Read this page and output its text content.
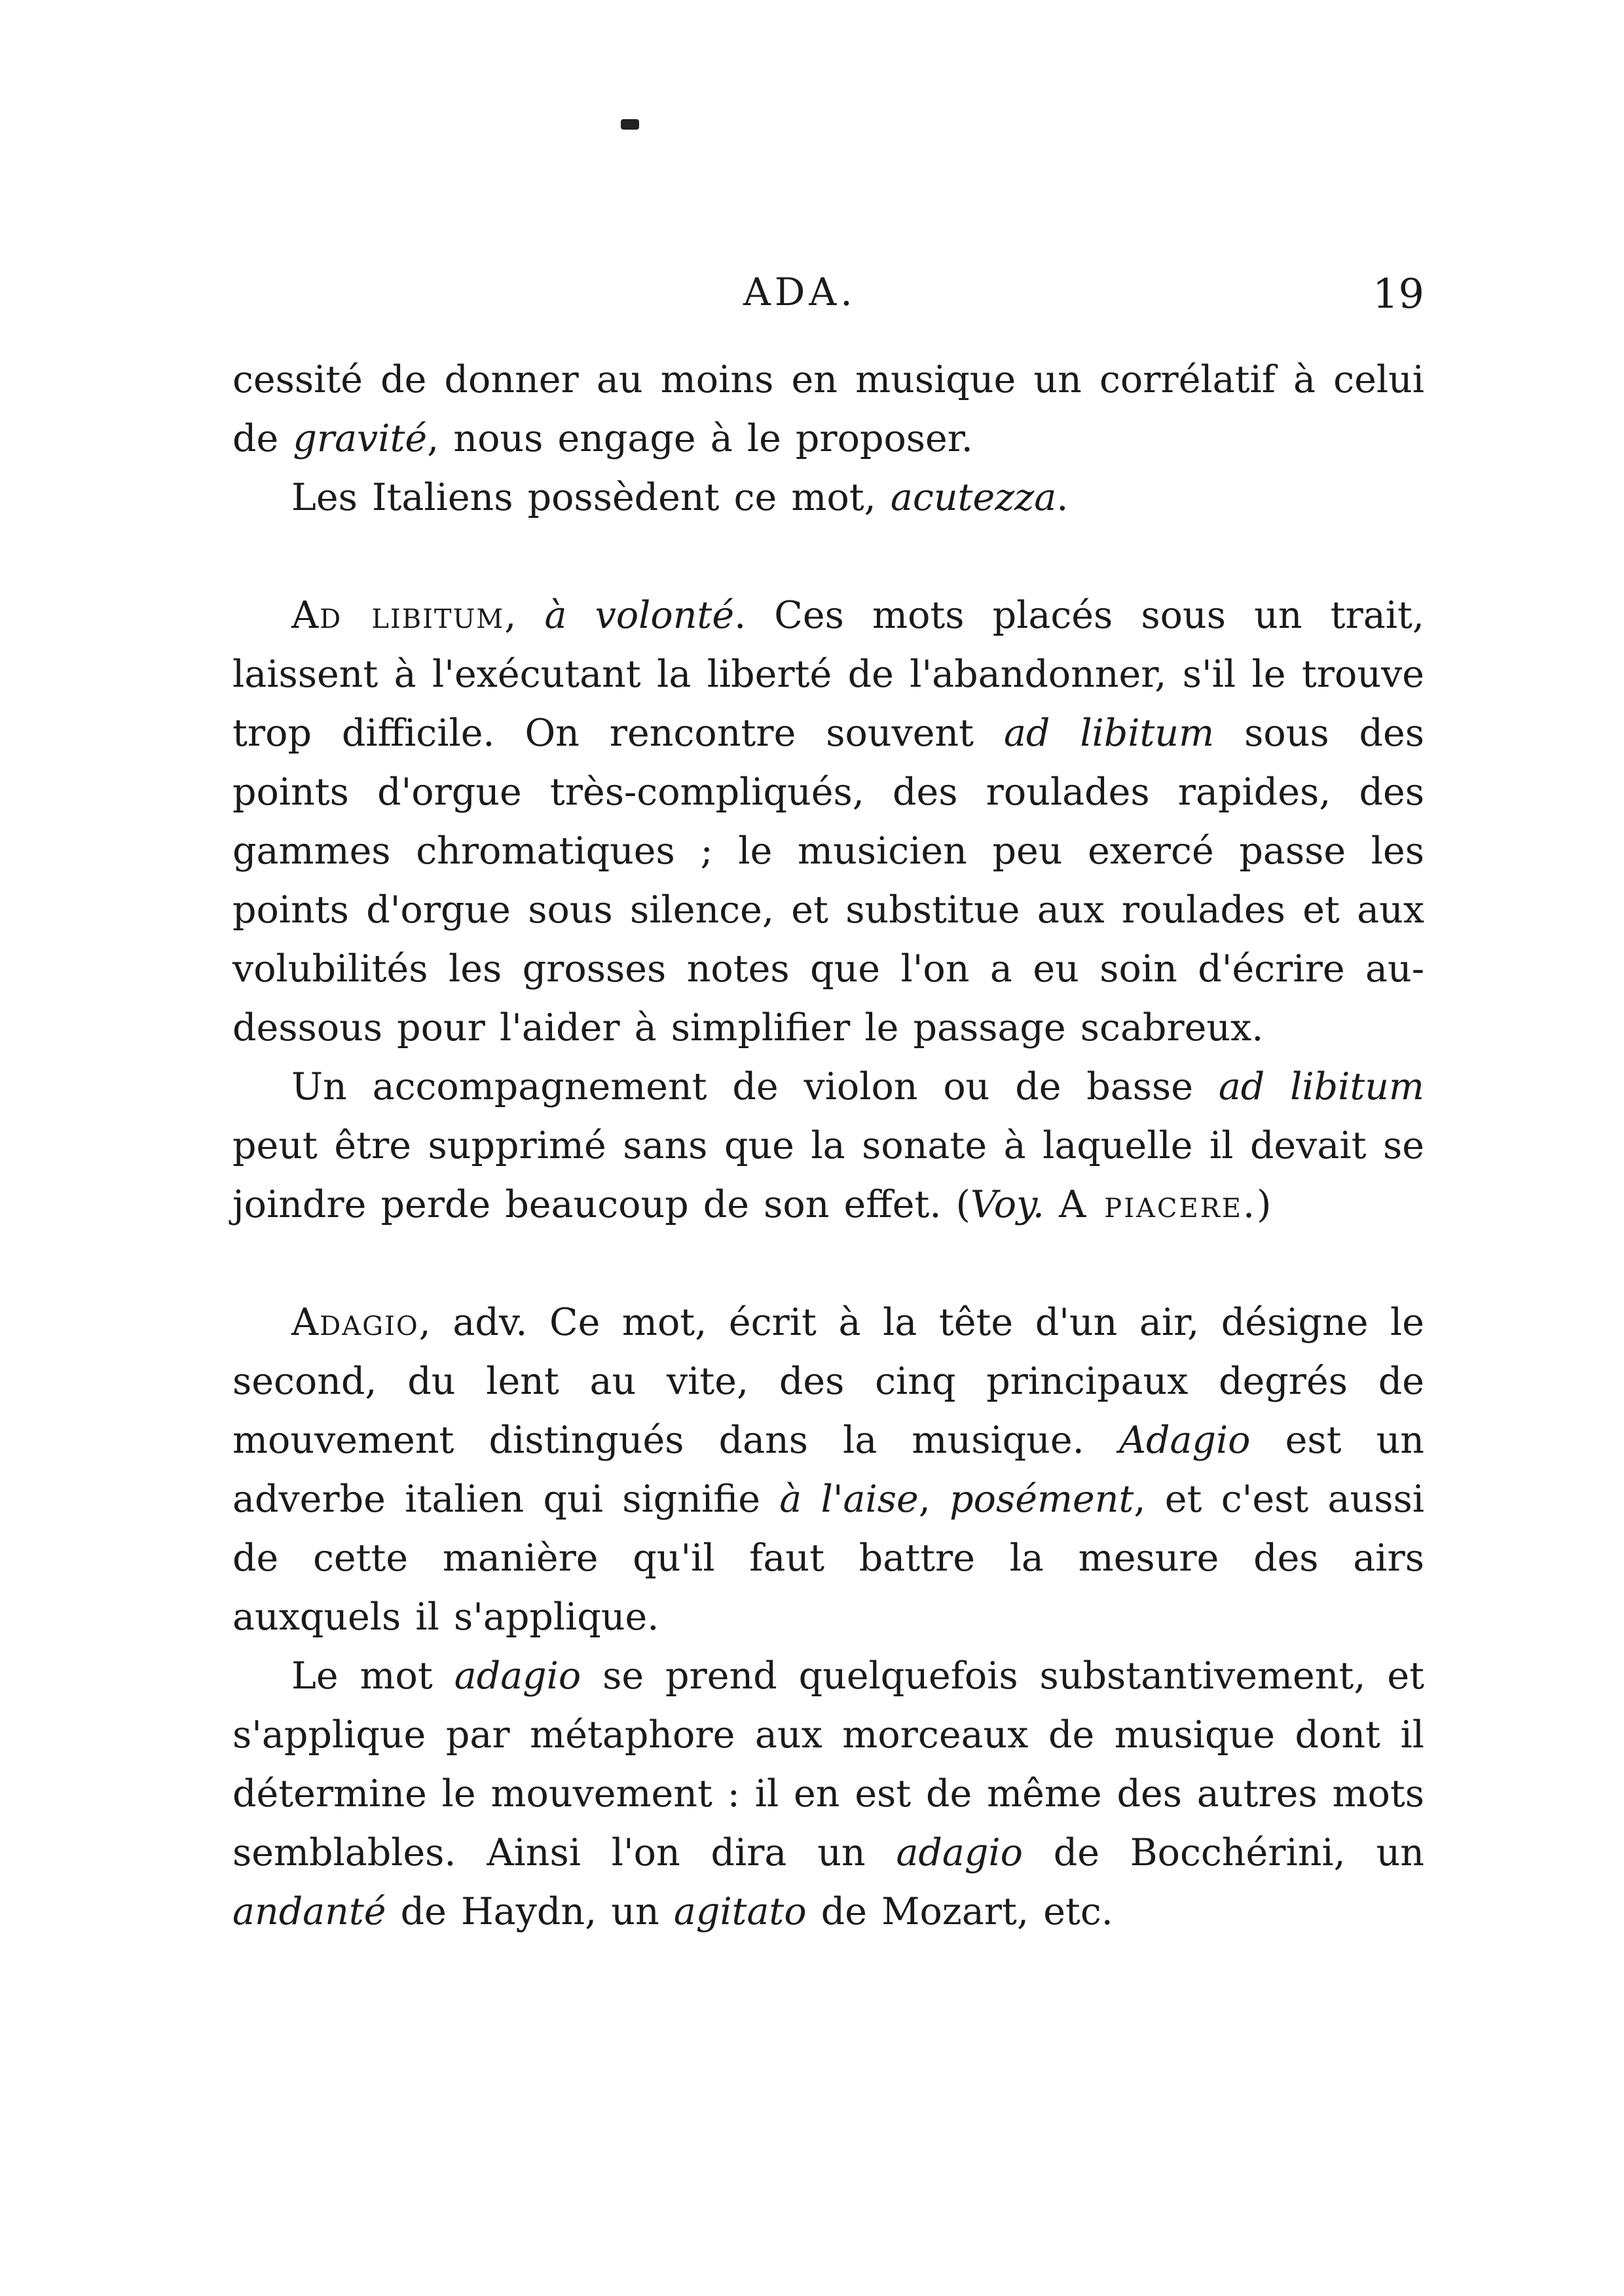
ADA.	19

cessité de donner au moins en musique un corrélatif à celui de gravité, nous engage à le proposer.

Les Italiens possèdent ce mot, acutezza.

Ad libitum, à volonté. Ces mots placés sous un trait, laissent à l'exécutant la liberté de l'abandonner, s'il le trouve trop difficile. On rencontre souvent ad libitum sous des points d'orgue très-compliqués, des roulades rapides, des gammes chromatiques ; le musicien peu exercé passe les points d'orgue sous silence, et substitue aux roulades et aux volubilités les grosses notes que l'on a eu soin d'écrire au-dessous pour l'aider à simplifier le passage scabreux.

Un accompagnement de violon ou de basse ad libitum peut être supprimé sans que la sonate à laquelle il devait se joindre perde beaucoup de son effet. (Voy. A piacere.)

Adagio, adv. Ce mot, écrit à la tête d'un air, désigne le second, du lent au vite, des cinq principaux degrés de mouvement distingués dans la musique. Adagio est un adverbe italien qui signifie à l'aise, posément, et c'est aussi de cette manière qu'il faut battre la mesure des airs auxquels il s'applique.

Le mot adagio se prend quelquefois substantivement, et s'applique par métaphore aux morceaux de musique dont il détermine le mouvement : il en est de même des autres mots semblables. Ainsi l'on dira un adagio de Bocchérini, un andanté de Haydn, un agitato de Mozart, etc.
